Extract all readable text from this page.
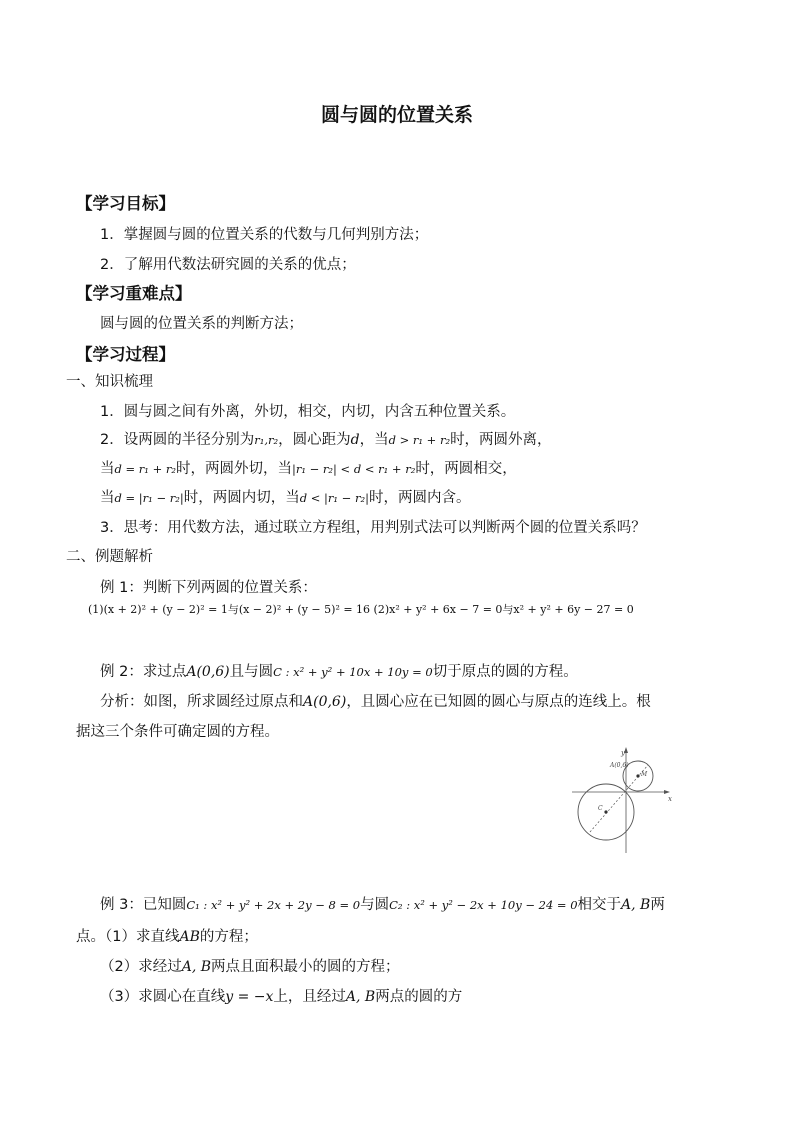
圆与圆的位置关系
【学习目标】
1．掌握圆与圆的位置关系的代数与几何判别方法；
2．了解用代数法研究圆的关系的优点；
【学习重难点】
圆与圆的位置关系的判断方法；
【学习过程】
一、知识梳理
1．圆与圆之间有外离，外切，相交，内切，内含五种位置关系。
2．设两圆的半径分别为r₁,r₂，圆心距为d，当d > r₁ + r₂时，两圆外离，
当d = r₁ + r₂时，两圆外切，当|r₁ − r₂| < d < r₁ + r₂时，两圆相交，
当d = |r₁ − r₂|时，两圆内切，当d < |r₁ − r₂|时，两圆内含。
3．思考：用代数方法，通过联立方程组，用判别式法可以判断两个圆的位置关系吗？
二、例题解析
例 1：判断下列两圆的位置关系：
(1)(x + 2)² + (y − 2)² = 1与(x − 2)² + (y − 5)² = 16 (2)x² + y² + 6x − 7 = 0与x² + y² + 6y − 27 = 0
例 2：求过点A(0,6)且与圆C : x² + y² + 10x + 10y = 0切于原点的圆的方程。
分析：如图，所求圆经过原点和A(0,6)，且圆心应在已知圆的圆心与原点的连线上。根
据这三个条件可确定圆的方程。
y
x
A(0,6)
M
C
例 3：已知圆C₁ : x² + y² + 2x + 2y − 8 = 0与圆C₂ : x² + y² − 2x + 10y − 24 = 0相交于A, B两
点。（1）求直线AB的方程；
（2）求经过A, B两点且面积最小的圆的方程；
（3）求圆心在直线y = −x上，且经过A, B两点的圆的方
